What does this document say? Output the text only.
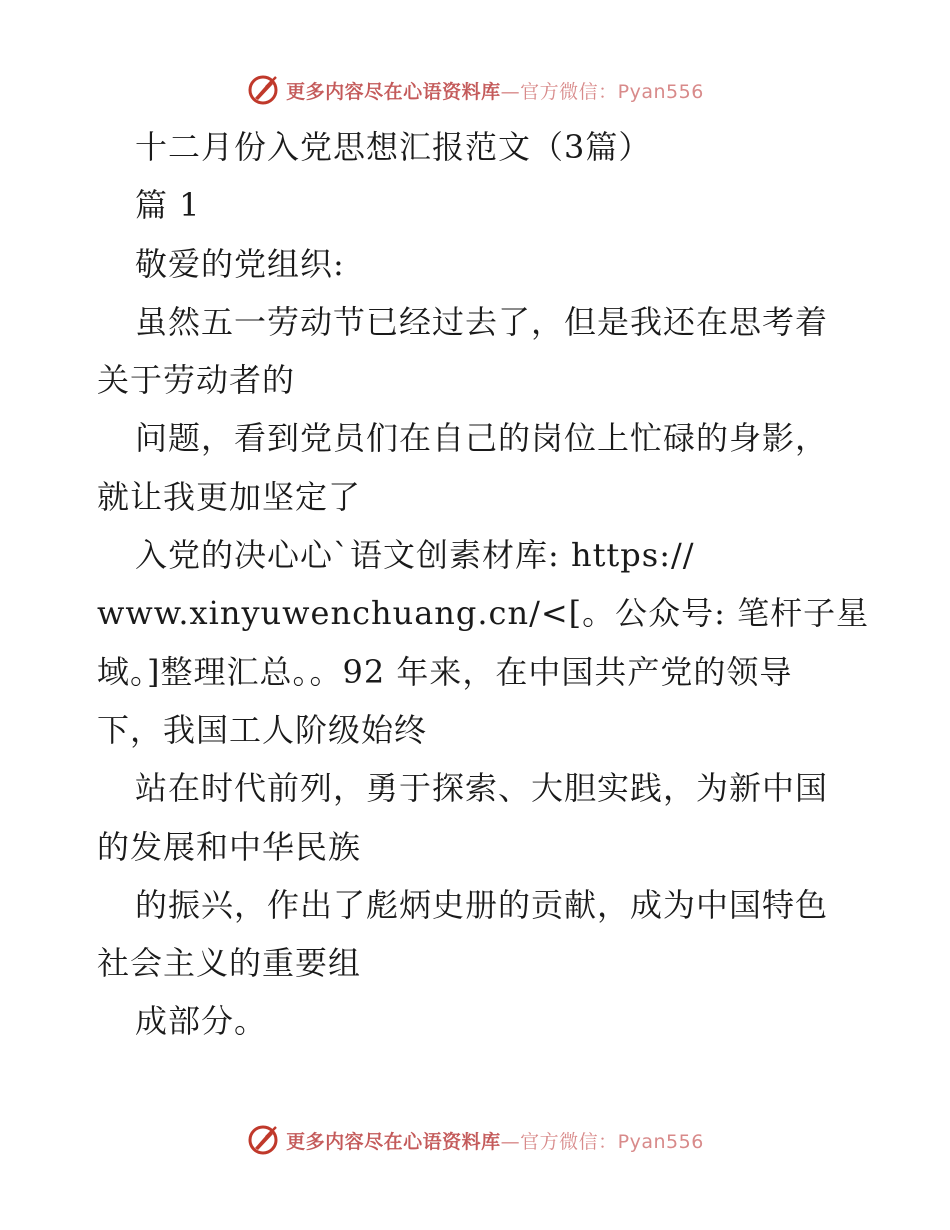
更多内容尽在心语资料库—官方微信：Pyan556
十二月份入党思想汇报范文（3篇）
篇 1
敬爱的党组织:
虽然五一劳动节已经过去了，但是我还在思考着
关于劳动者的
问题，看到党员们在自己的岗位上忙碌的身影，
就让我更加坚定了
入党的决心心`语文创素材库: https://
www.xinyuwenchuang.cn/<[。公众号: 笔杆子星
域。]整理汇总。。92 年来，在中国共产党的领导
下，我国工人阶级始终
站在时代前列，勇于探索、大胆实践，为新中国
的发展和中华民族
的振兴，作出了彪炳史册的贡献，成为中国特色
社会主义的重要组
成部分。
更多内容尽在心语资料库—官方微信：Pyan556
